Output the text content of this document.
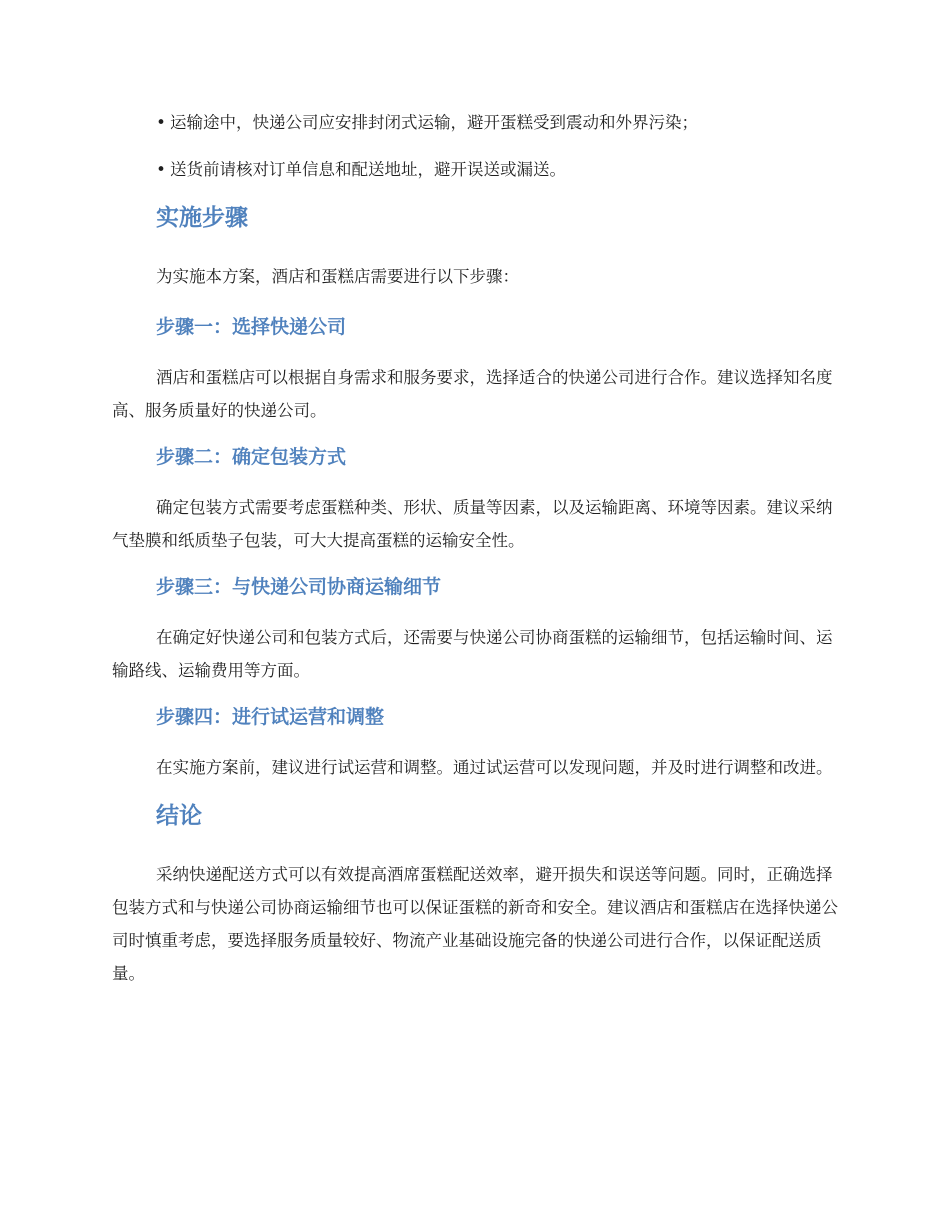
• 运输途中，快递公司应安排封闭式运输，避开蛋糕受到震动和外界污染；
• 送货前请核对订单信息和配送地址，避开误送或漏送。
实施步骤
为实施本方案，酒店和蛋糕店需要进行以下步骤：
步骤一：选择快递公司
酒店和蛋糕店可以根据自身需求和服务要求，选择适合的快递公司进行合作。建议选择知名度高、服务质量好的快递公司。
步骤二：确定包装方式
确定包装方式需要考虑蛋糕种类、形状、质量等因素，以及运输距离、环境等因素。建议采纳气垫膜和纸质垫子包装，可大大提高蛋糕的运输安全性。
步骤三：与快递公司协商运输细节
在确定好快递公司和包装方式后，还需要与快递公司协商蛋糕的运输细节，包括运输时间、运输路线、运输费用等方面。
步骤四：进行试运营和调整
在实施方案前，建议进行试运营和调整。通过试运营可以发现问题，并及时进行调整和改进。
结论
采纳快递配送方式可以有效提高酒席蛋糕配送效率，避开损失和误送等问题。同时，正确选择包装方式和与快递公司协商运输细节也可以保证蛋糕的新奇和安全。建议酒店和蛋糕店在选择快递公司时慎重考虑，要选择服务质量较好、物流产业基础设施完备的快递公司进行合作，以保证配送质量。
